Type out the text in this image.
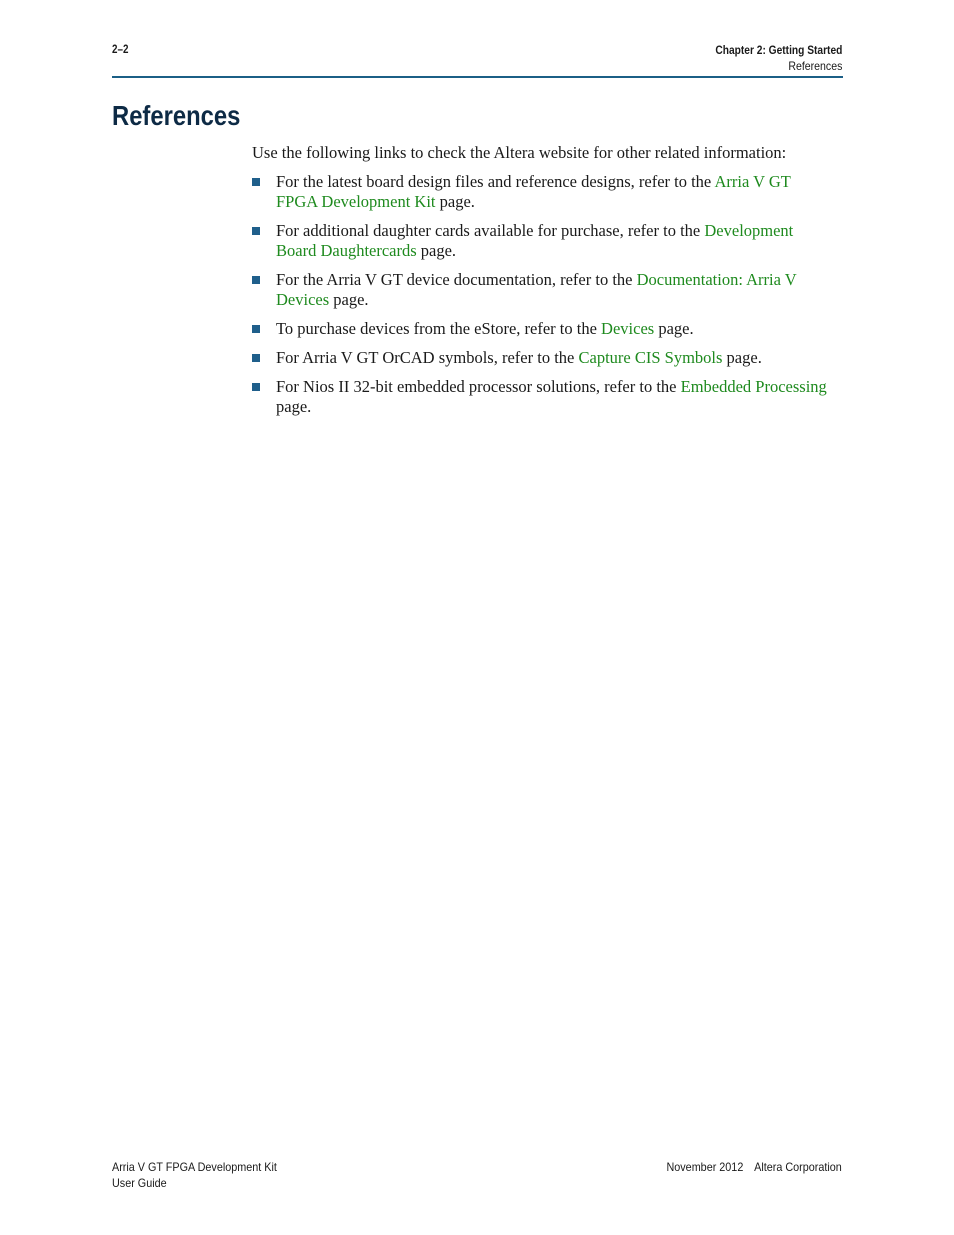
2–2	Chapter 2: Getting Started
References
References

Use the following links to check the Altera website for other related information:

For the latest board design files and reference designs, refer to the Arria V GT FPGA Development Kit page.
For additional daughter cards available for purchase, refer to the Development Board Daughtercards page.
For the Arria V GT device documentation, refer to the Documentation: Arria V Devices page.
To purchase devices from the eStore, refer to the Devices page.
For Arria V GT OrCAD symbols, refer to the Capture CIS Symbols page.
For Nios II 32-bit embedded processor solutions, refer to the Embedded Processing page.
Arria V GT FPGA Development Kit
User Guide
November 2012 Altera Corporation
